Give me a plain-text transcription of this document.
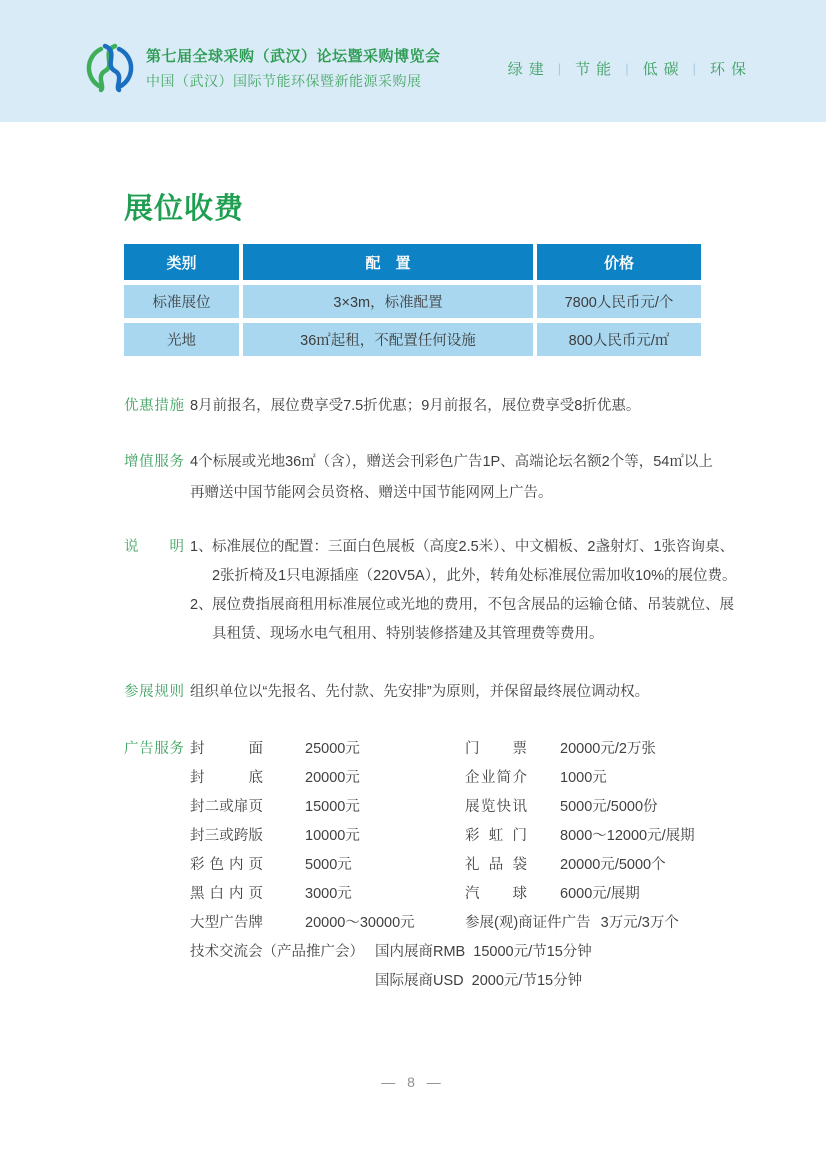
第七届全球采购（武汉）论坛暨采购博览会
中国（武汉）国际节能环保暨新能源采购展
绿建 | 节能 | 低碳 | 环保
展位收费
类别	配　置	价格
标准展位	3×3m，标准配置	7800人民币元/个
光地	36㎡起租，不配置任何设施	800人民币元/㎡
优惠措施 8月前报名，展位费享受7.5折优惠；9月前报名，展位费享受8折优惠。
增值服务 4个标展或光地36㎡（含），赠送会刊彩色广告1P、高端论坛名额2个等，54㎡以上
再赠送中国节能网会员资格、赠送中国节能网网上广告。
说明 1、 标准展位的配置：三面白色展板（高度2.5米）、中文楣板、2盏射灯、1张咨询桌、
2张折椅及1只电源插座（220V5A），此外，转角处标准展位需加收10%的展位费。
2、 展位费指展商租用标准展位或光地的费用，不包含展品的运输仓储、吊装就位、展
具租赁、现场水电气租用、特别装修搭建及其管理费等费用。
参展规则 组织单位以“先报名、先付款、先安排”为原则，并保留最终展位调动权。
广告服务 封面	25000元	门票 20000元/2万张
封底	20000元	企业简介 1000元
封二或扉页	15000元	展览快讯 5000元/5000份
封三或跨版	10000元	彩虹门 8000～12000元/展期
彩色内页	5000元	礼品袋 20000元/5000个
黑白内页	3000元	汽球 6000元/展期
大型广告牌	20000～30000元	参展(观)商证件广告 3万元/3万个
技术交流会（产品推广会） 国内展商RMB  15000元/节15分钟
国际展商USD  2000元/节15分钟
— 8 —
